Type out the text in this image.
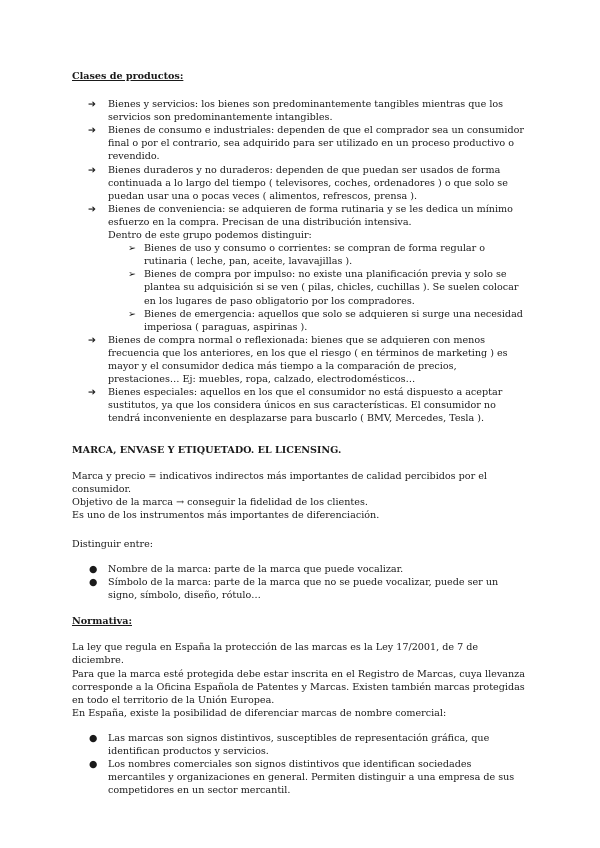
Clases de productos:

➔	Bienes y servicios: los bienes son predominantemente tangibles mientras que los servicios son predominantemente intangibles.
➔	Bienes de consumo e industriales: dependen de que el comprador sea un consumidor final o por el contrario, sea adquirido para ser utilizado en un proceso productivo o revendido.
➔	Bienes duraderos y no duraderos: dependen de que puedan ser usados de forma continuada a lo largo del tiempo ( televisores, coches, ordenadores ) o que solo se puedan usar una o pocas veces ( alimentos, refrescos, prensa ).
➔	Bienes de conveniencia: se adquieren de forma rutinaria y se les dedica un mínimo esfuerzo en la compra. Precisan de una distribución intensiva.

Dentro de este grupo podemos distinguir:

➢ Bienes de uso y consumo o corrientes: se compran de forma regular o rutinaria ( leche, pan, aceite, lavavajillas ).
➢ Bienes de compra por impulso: no existe una planificación previa y solo se plantea su adquisición si se ven ( pilas, chicles, cuchillas ). Se suelen colocar en los lugares de paso obligatorio por los compradores.
➢ Bienes de emergencia: aquellos que solo se adquieren si surge una necesidad imperiosa ( paraguas, aspirinas ).
➔	Bienes de compra normal o reflexionada: bienes que se adquieren con menos frecuencia que los anteriores, en los que el riesgo ( en términos de marketing ) es mayor y el consumidor dedica más tiempo a la comparación de precios, prestaciones… Ej: muebles, ropa, calzado, electrodomésticos…
➔	Bienes especiales: aquellos en los que el consumidor no está dispuesto a aceptar sustitutos, ya que los considera únicos en sus características. El consumidor no tendrá inconveniente en desplazarse para buscarlo ( BMV, Mercedes, Tesla ).

MARCA, ENVASE Y ETIQUETADO. EL LICENSING.

Marca y precio = indicativos indirectos más importantes de calidad percibidos por el consumidor.

Objetivo de la marca → conseguir la fidelidad de los clientes.

Es uno de los instrumentos más importantes de diferenciación.

Distinguir entre:

● Nombre de la marca: parte de la marca que puede vocalizar.
● Símbolo de la marca: parte de la marca que no se puede vocalizar, puede ser un signo, símbolo, diseño, rótulo…

Normativa:

La ley que regula en España la protección de las marcas es la Ley 17/2001, de 7 de diciembre.

Para que la marca esté protegida debe estar inscrita en el Registro de Marcas, cuya llevanza corresponde a la Oficina Española de Patentes y Marcas. Existen también marcas protegidas en todo el territorio de la Unión Europea.

En España, existe la posibilidad de diferenciar marcas de nombre comercial:

● Las marcas son signos distintivos, susceptibles de representación gráfica, que identifican productos y servicios.
● Los nombres comerciales son signos distintivos que identifican sociedades mercantiles y organizaciones en general. Permiten distinguir a una empresa de sus competidores en un sector mercantil.
